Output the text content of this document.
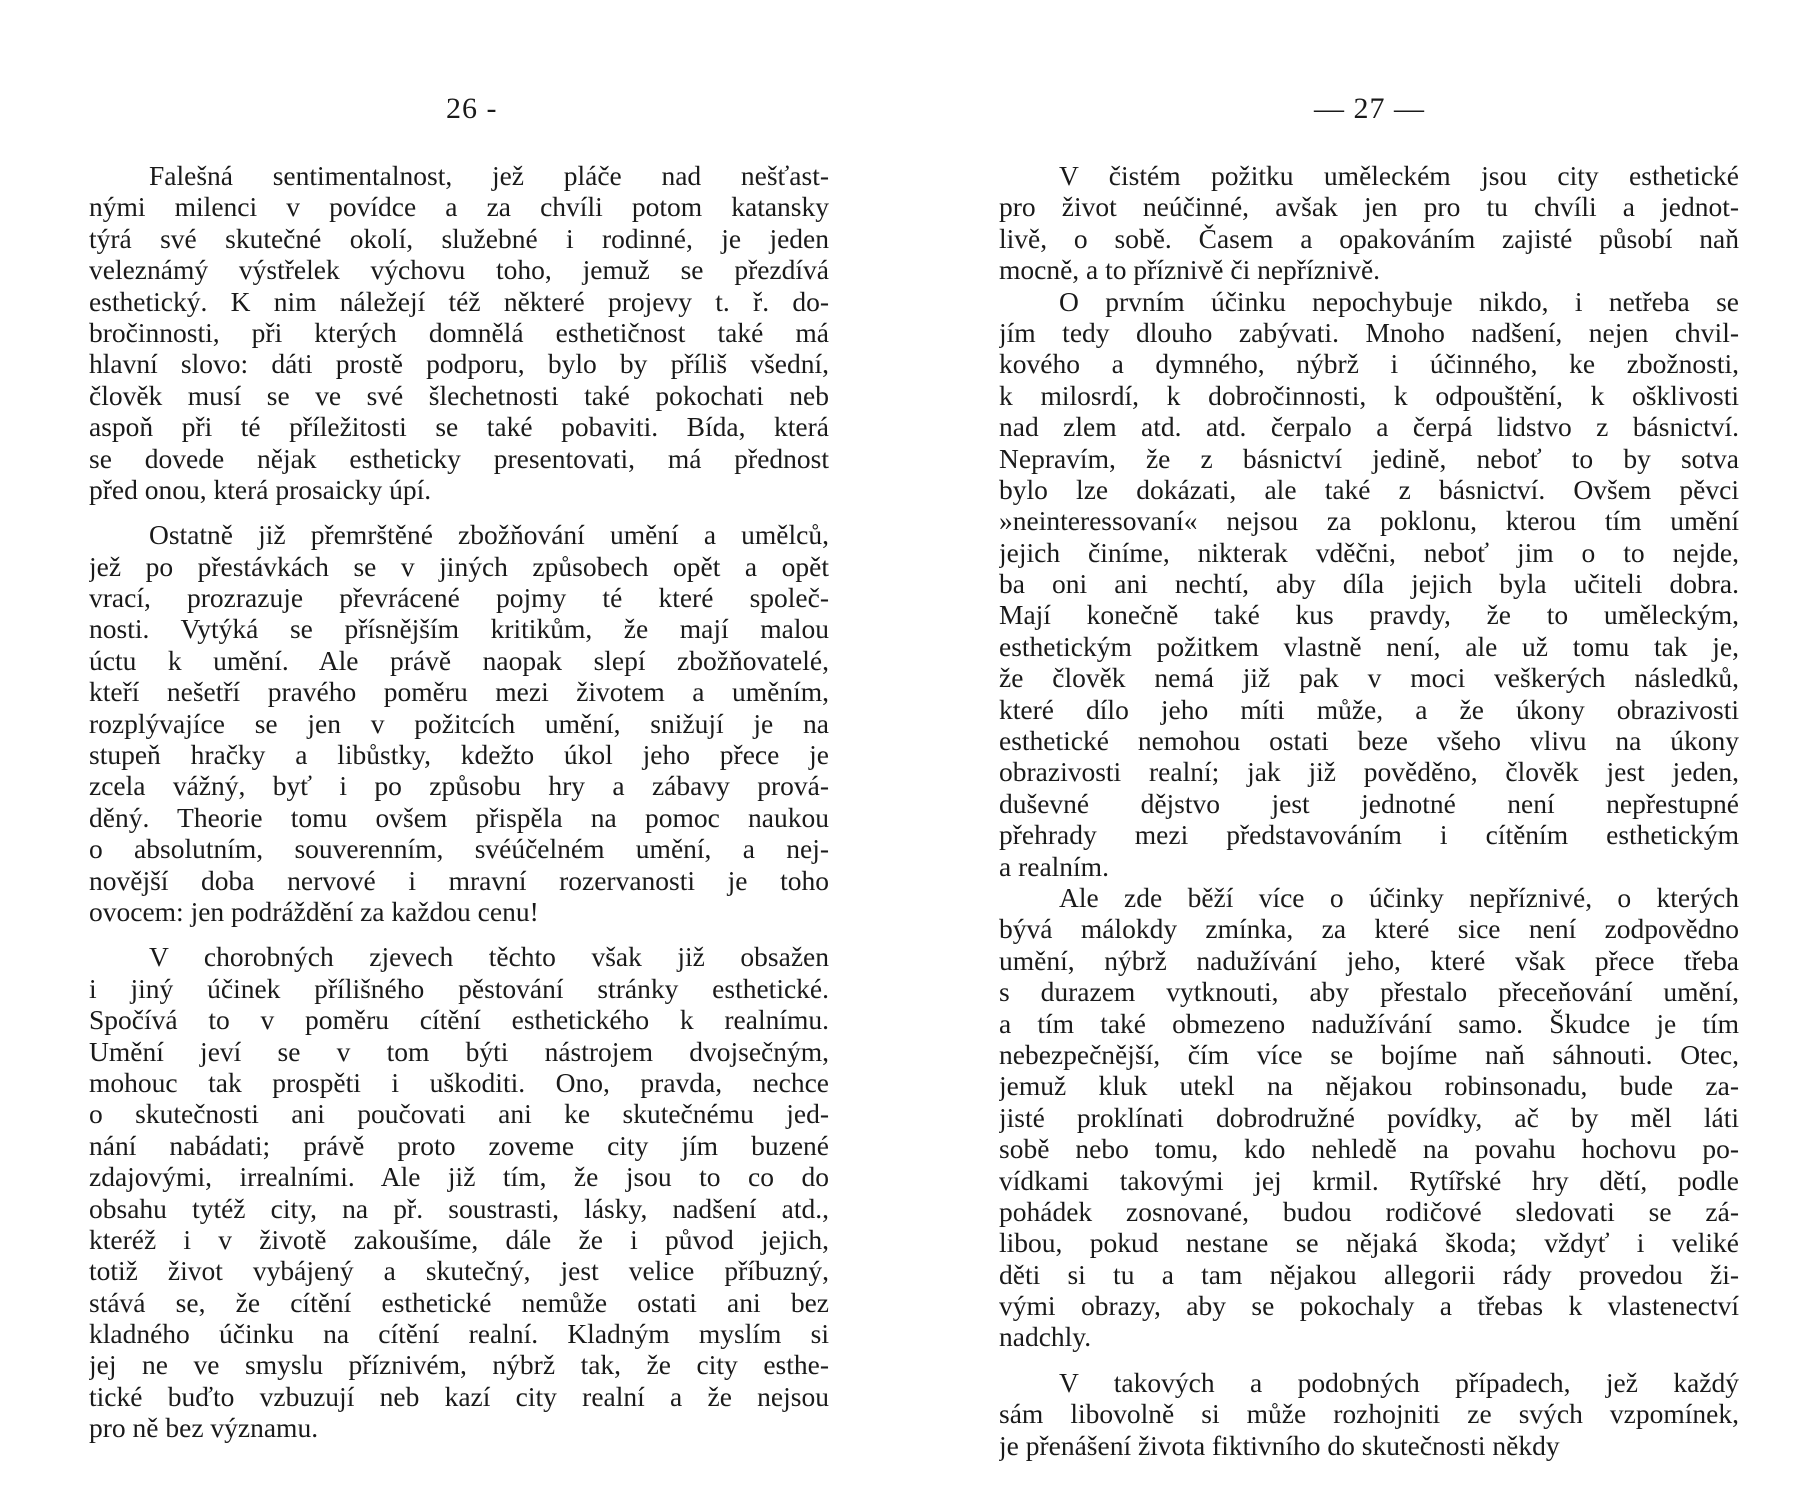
26 -
Falešná sentimentalnost, jež pláče nad nešťast-
nými milenci v povídce a za chvíli potom katansky
týrá své skutečné okolí, služebné i rodinné, je jeden
veleznámý výstřelek výchovu toho, jemuž se přezdívá
esthetický. K nim náležejí též některé projevy t. ř. do-
bročinnosti, při kterých domnělá esthetičnost také má
hlavní slovo: dáti prostě podporu, bylo by příliš všední,
člověk musí se ve své šlechetnosti také pokochati neb
aspoň při té příležitosti se také pobaviti. Bída, která
se dovede nějak estheticky presentovati, má přednost
před onou, která prosaicky úpí.
Ostatně již přemrštěné zbožňování umění a umělců,
jež po přestávkách se v jiných způsobech opět a opět
vrací, prozrazuje převrácené pojmy té které společ-
nosti. Vytýká se přísnějším kritikům, že mají malou
úctu k umění. Ale právě naopak slepí zbožňovatelé,
kteří nešetří pravého poměru mezi životem a uměním,
rozplývajíce se jen v požitcích umění, snižují je na
stupeň hračky a libůstky, kdežto úkol jeho přece je
zcela vážný, byť i po způsobu hry a zábavy prová-
děný. Theorie tomu ovšem přispěla na pomoc naukou
o absolutním, souverenním, svéúčelném umění, a nej-
novější doba nervové i mravní rozervanosti je toho
ovocem: jen podráždění za každou cenu!
V chorobných zjevech těchto však již obsažen
i jiný účinek přílišného pěstování stránky esthetické.
Spočívá to v poměru cítění esthetického k realnímu.
Umění jeví se v tom býti nástrojem dvojsečným,
mohouc tak prospěti i uškoditi. Ono, pravda, nechce
o skutečnosti ani poučovati ani ke skutečnému jed-
nání nabádati; právě proto zoveme city jím buzené
zdajovými, irrealními. Ale již tím, že jsou to co do
obsahu tytéž city, na př. soustrasti, lásky, nadšení atd.,
kteréž i v životě zakoušíme, dále že i původ jejich,
totiž život vybájený a skutečný, jest velice příbuzný,
stává se, že cítění esthetické nemůže ostati ani bez
kladného účinku na cítění realní. Kladným myslím si
jej ne ve smyslu příznivém, nýbrž tak, že city esthe-
tické buďto vzbuzují neb kazí city realní a že nejsou
pro ně bez významu.
— 27 —
V čistém požitku uměleckém jsou city esthetické
pro život neúčinné, avšak jen pro tu chvíli a jednot-
livě, o sobě. Časem a opakováním zajisté působí naň
mocně, a to příznivě či nepříznivě.
O prvním účinku nepochybuje nikdo, i netřeba se
jím tedy dlouho zabývati. Mnoho nadšení, nejen chvil-
kového a dymného, nýbrž i účinného, ke zbožnosti,
k milosrdí, k dobročinnosti, k odpouštění, k ošklivosti
nad zlem atd. atd. čerpalo a čerpá lidstvo z básnictví.
Nepravím, že z básnictví jedině, neboť to by sotva
bylo lze dokázati, ale také z básnictví. Ovšem pěvci
»neinteressovaní« nejsou za poklonu, kterou tím umění
jejich činíme, nikterak vděčni, neboť jim o to nejde,
ba oni ani nechtí, aby díla jejich byla učiteli dobra.
Mají konečně také kus pravdy, že to uměleckým,
esthetickým požitkem vlastně není, ale už tomu tak je,
že člověk nemá již pak v moci veškerých následků,
které dílo jeho míti může, a že úkony obrazivosti
esthetické nemohou ostati beze všeho vlivu na úkony
obrazivosti realní; jak již pověděno, člověk jest jeden,
duševné dějstvo jest jednotné není nepřestupné
přehrady mezi představováním i cítěním esthetickým
a realním.
Ale zde běží více o účinky nepříznivé, o kterých
bývá málokdy zmínka, za které sice není zodpovědno
umění, nýbrž nadužívání jeho, které však přece třeba
s durazem vytknouti, aby přestalo přeceňování umění,
a tím také obmezeno nadužívání samo. Škudce je tím
nebezpečnější, čím více se bojíme naň sáhnouti. Otec,
jemuž kluk utekl na nějakou robinsonadu, bude za-
jisté proklínati dobrodružné povídky, ač by měl láti
sobě nebo tomu, kdo nehledě na povahu hochovu po-
vídkami takovými jej krmil. Rytířské hry dětí, podle
pohádek zosnované, budou rodičové sledovati se zá-
libou, pokud nestane se nějaká škoda; vždyť i veliké
děti si tu a tam nějakou allegorii rády provedou ži-
vými obrazy, aby se pokochaly a třebas k vlastenectví
nadchly.
V takových a podobných případech, jež každý
sám libovolně si může rozhojniti ze svých vzpomínek,
je přenášení života fiktivního do skutečnosti někdy
